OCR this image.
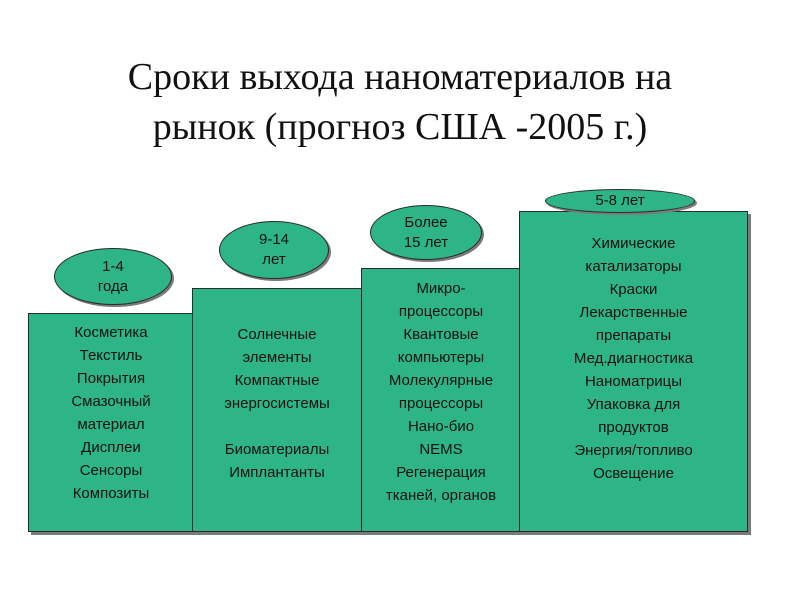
Сроки выхода наноматериалов на
рынок (прогноз США -2005 г.)
Косметика
Текстиль
Покрытия
Смазочный
материал
Дисплеи
Сенсоры
Композиты
1-4
года
Солнечные
элементы
Компактные
энергосистемы
Биоматериалы
Имплантанты
9-14
лет
Микро-
процессоры
Квантовые
компьютеры
Молекулярные
процессоры
Нано-био
NEMS
Регенерация
тканей, органов
Более
15 лет	Химические
катализаторы
Краски
Лекарственные
препараты
Мед.диагностика
Наноматрицы
Упаковка для
продуктов
Энергия/топливо
Освещение
5-8 лет
